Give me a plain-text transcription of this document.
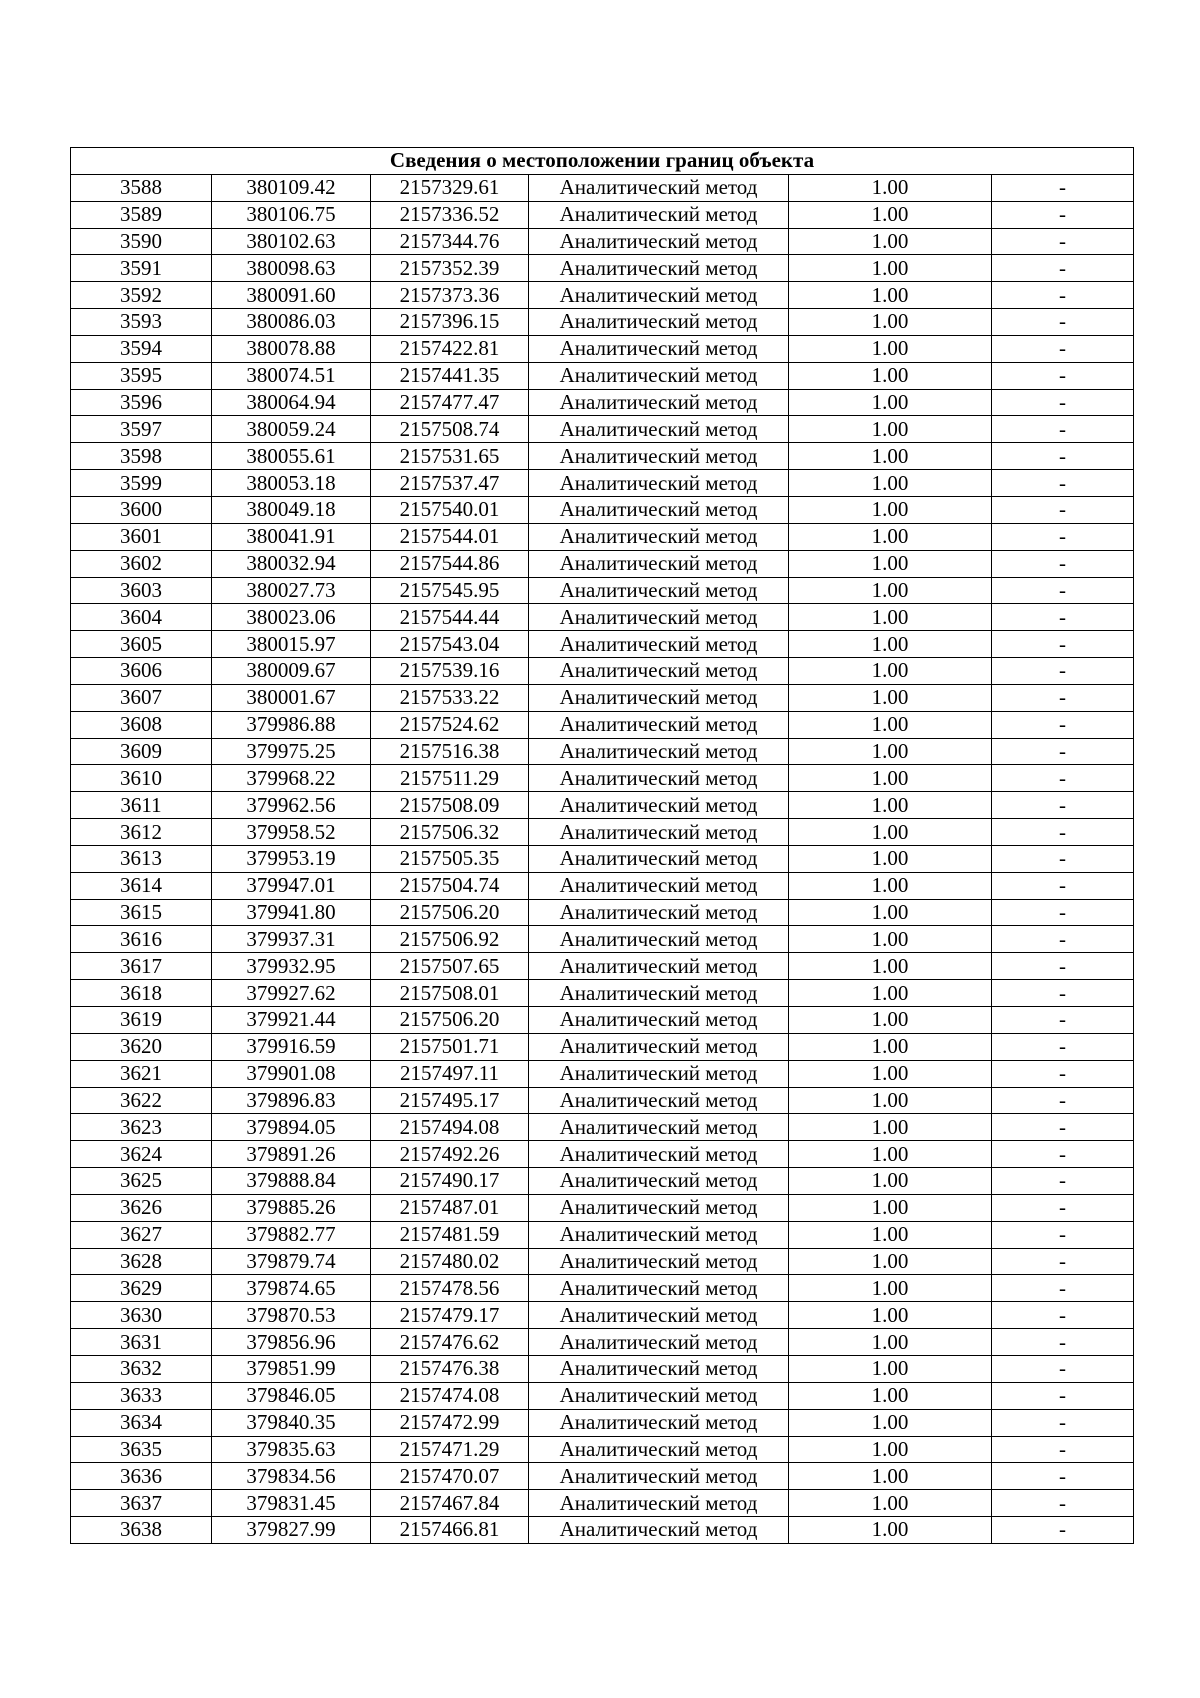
Сведения о местоположении границ объекта					
3588	380109.42	2157329.61	Аналитический метод	1.00	-
3589	380106.75	2157336.52	Аналитический метод	1.00	-
3590	380102.63	2157344.76	Аналитический метод	1.00	-
3591	380098.63	2157352.39	Аналитический метод	1.00	-
3592	380091.60	2157373.36	Аналитический метод	1.00	-
3593	380086.03	2157396.15	Аналитический метод	1.00	-
3594	380078.88	2157422.81	Аналитический метод	1.00	-
3595	380074.51	2157441.35	Аналитический метод	1.00	-
3596	380064.94	2157477.47	Аналитический метод	1.00	-
3597	380059.24	2157508.74	Аналитический метод	1.00	-
3598	380055.61	2157531.65	Аналитический метод	1.00	-
3599	380053.18	2157537.47	Аналитический метод	1.00	-
3600	380049.18	2157540.01	Аналитический метод	1.00	-
3601	380041.91	2157544.01	Аналитический метод	1.00	-
3602	380032.94	2157544.86	Аналитический метод	1.00	-
3603	380027.73	2157545.95	Аналитический метод	1.00	-
3604	380023.06	2157544.44	Аналитический метод	1.00	-
3605	380015.97	2157543.04	Аналитический метод	1.00	-
3606	380009.67	2157539.16	Аналитический метод	1.00	-
3607	380001.67	2157533.22	Аналитический метод	1.00	-
3608	379986.88	2157524.62	Аналитический метод	1.00	-
3609	379975.25	2157516.38	Аналитический метод	1.00	-
3610	379968.22	2157511.29	Аналитический метод	1.00	-
3611	379962.56	2157508.09	Аналитический метод	1.00	-
3612	379958.52	2157506.32	Аналитический метод	1.00	-
3613	379953.19	2157505.35	Аналитический метод	1.00	-
3614	379947.01	2157504.74	Аналитический метод	1.00	-
3615	379941.80	2157506.20	Аналитический метод	1.00	-
3616	379937.31	2157506.92	Аналитический метод	1.00	-
3617	379932.95	2157507.65	Аналитический метод	1.00	-
3618	379927.62	2157508.01	Аналитический метод	1.00	-
3619	379921.44	2157506.20	Аналитический метод	1.00	-
3620	379916.59	2157501.71	Аналитический метод	1.00	-
3621	379901.08	2157497.11	Аналитический метод	1.00	-
3622	379896.83	2157495.17	Аналитический метод	1.00	-
3623	379894.05	2157494.08	Аналитический метод	1.00	-
3624	379891.26	2157492.26	Аналитический метод	1.00	-
3625	379888.84	2157490.17	Аналитический метод	1.00	-
3626	379885.26	2157487.01	Аналитический метод	1.00	-
3627	379882.77	2157481.59	Аналитический метод	1.00	-
3628	379879.74	2157480.02	Аналитический метод	1.00	-
3629	379874.65	2157478.56	Аналитический метод	1.00	-
3630	379870.53	2157479.17	Аналитический метод	1.00	-
3631	379856.96	2157476.62	Аналитический метод	1.00	-
3632	379851.99	2157476.38	Аналитический метод	1.00	-
3633	379846.05	2157474.08	Аналитический метод	1.00	-
3634	379840.35	2157472.99	Аналитический метод	1.00	-
3635	379835.63	2157471.29	Аналитический метод	1.00	-
3636	379834.56	2157470.07	Аналитический метод	1.00	-
3637	379831.45	2157467.84	Аналитический метод	1.00	-
3638	379827.99	2157466.81	Аналитический метод	1.00	-
